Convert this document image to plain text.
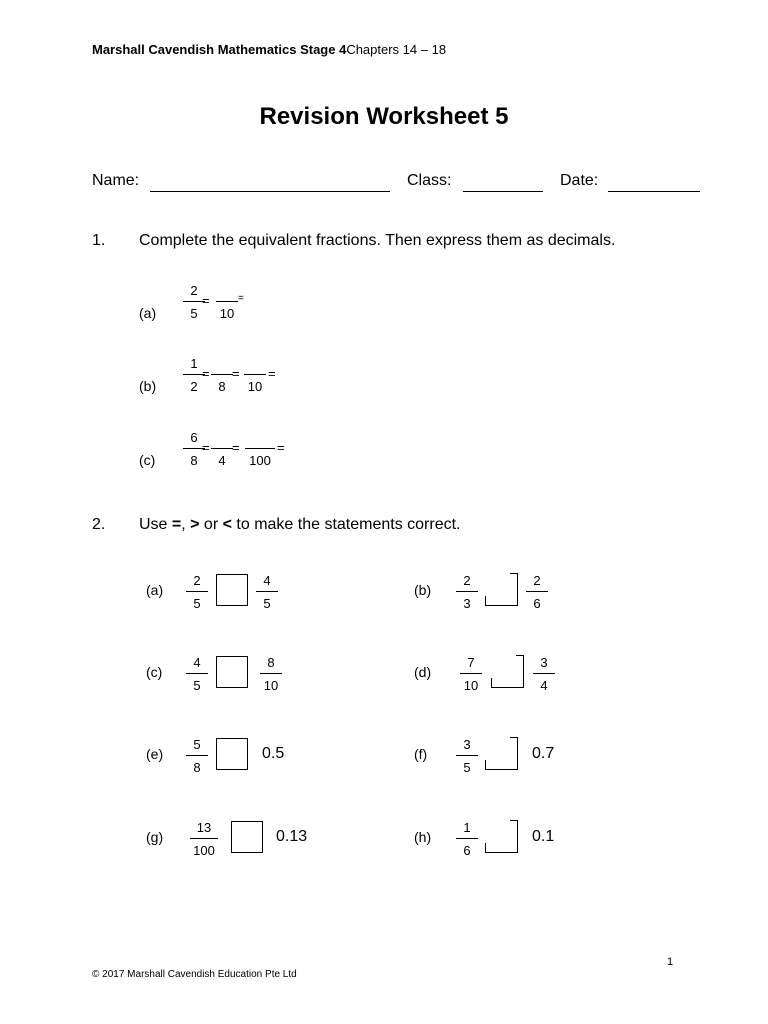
Marshall Cavendish Mathematics Stage 4Chapters 14 – 18
Revision Worksheet 5
Name:	Class:	Date:
1. Complete the equivalent fractions. Then express them as decimals.
(a)
2
5
=

10
=
(b)
1
2
=

8
=

10
=
(c)
6
8
=

4
=

100
=
2. Use =, > or < to make the statements correct.
(a)
2
5
4
5
(c)
4
5
8
10
(e)
5
8
0.5
(g)
13
100
0.13
(b)
2
3
2
6
(d)
7
10
3
4
(f)
3
5
0.7
(h)
1
6
0.1
1
© 2017 Marshall Cavendish Education Pte Ltd
